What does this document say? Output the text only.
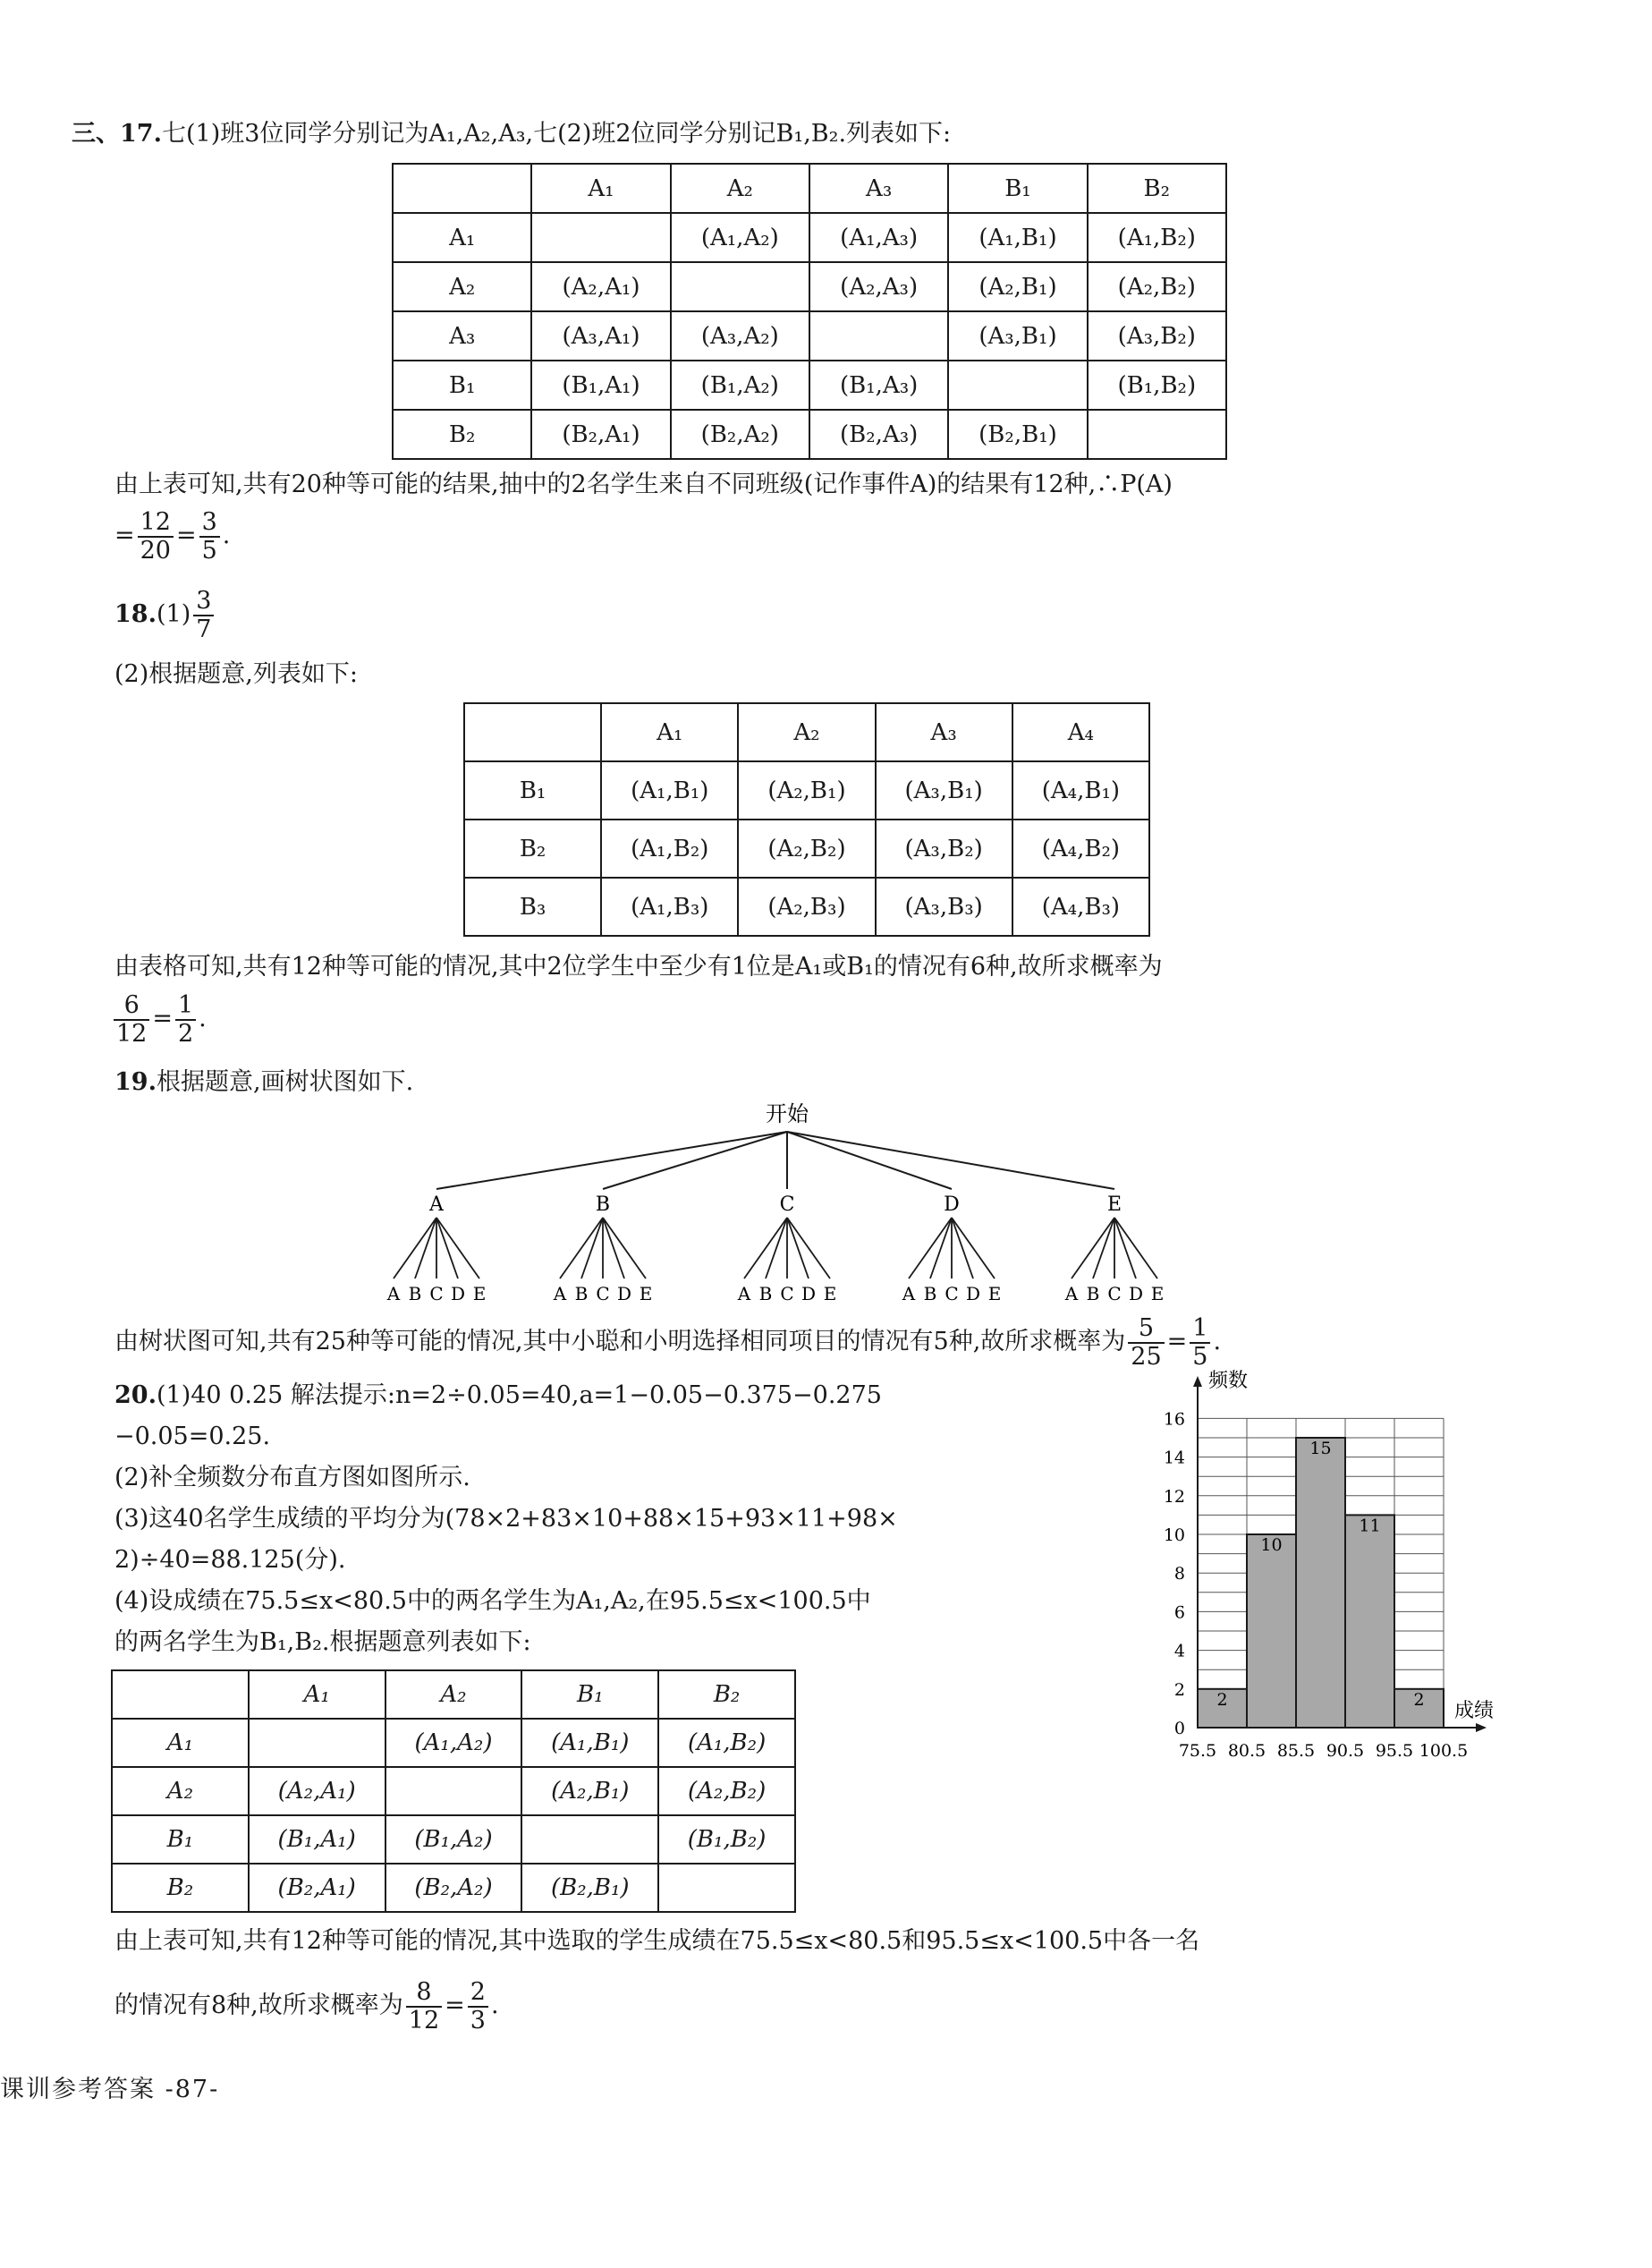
三、17.七(1)班3位同学分别记为A₁,A₂,A₃,七(2)班2位同学分别记B₁,B₂.列表如下:

	A₁	A₂	A₃	B₁	B₂
A₁		(A₁,A₂)	(A₁,A₃)	(A₁,B₁)	(A₁,B₂)
A₂	(A₂,A₁)		(A₂,A₃)	(A₂,B₁)	(A₂,B₂)
A₃	(A₃,A₁)	(A₃,A₂)		(A₃,B₁)	(A₃,B₂)
B₁	(B₁,A₁)	(B₁,A₂)	(B₁,A₃)		(B₁,B₂)
B₂	(B₂,A₁)	(B₂,A₂)	(B₂,A₃)	(B₂,B₁)	

由上表可知,共有20种等可能的结果,抽中的2名学生来自不同班级(记作事件A)的结果有12种,∴P(A)

= $\frac{12}{20} = \frac{3}{5}$ .

$18.(1) \frac{3}{7}$

(2)根据题意,列表如下:

	A₁	A₂	A₃	A₄
B₁	(A₁,B₁)	(A₂,B₁)	(A₃,B₁)	(A₄,B₁)
B₂	(A₁,B₂)	(A₂,B₂)	(A₃,B₂)	(A₄,B₂)
B₃	(A₁,B₃)	(A₂,B₃)	(A₃,B₃)	(A₄,B₃)

由表格可知,共有12种等可能的情况,其中2位学生中至少有1位是A₁或B₁的情况有6种,故所求概率为

$\frac{6}{12} = \frac{1}{2}$ .

19.根据题意,画树状图如下.

开始
A
A B C D E
B
A B C D E
C
A B C D E
D
A B C D E
E
A B C D E

由树状图可知,共有25种等可能的情况,其中小聪和小明选择相同项目的情况有5种,故所求概率为 $\frac{5}{25} = \frac{1}{5}$ .

20.(1)40 0.25 解法提示:n=2÷0.05=40,a=1−0.05−0.375−0.275

−0.05=0.25.

(2)补全频数分布直方图如图所示.

(3)这40名学生成绩的平均分为(78×2+83×10+88×15+93×11+98×

2)÷40=88.125(分).

(4)设成绩在75.5≤x<80.5中的两名学生为A₁,A₂,在95.5≤x<100.5中

的两名学生为B₁,B₂.根据题意列表如下:

	A₁	A₂	B₁	B₂
A₁		(A₁,A₂)	(A₁,B₁)	(A₁,B₂)
A₂	(A₂,A₁)		(A₂,B₁)	(A₂,B₂)
B₁	(B₁,A₁)	(B₁,A₂)		(B₁,B₂)
B₂	(B₂,A₁)	(B₂,A₂)	(B₂,B₁)	
2
10
15
11
2
0
2
4
6
8
10
12
14
16
75.5 80.5 85.5 90.5 95.5 100.5
频数
成绩

由上表可知,共有12种等可能的情况,其中选取的学生成绩在75.5≤x<80.5和95.5≤x<100.5中各一名

的情况有8种,故所求概率为 $\frac{8}{12} = \frac{2}{3}$ .

课训参考答案 -87-
